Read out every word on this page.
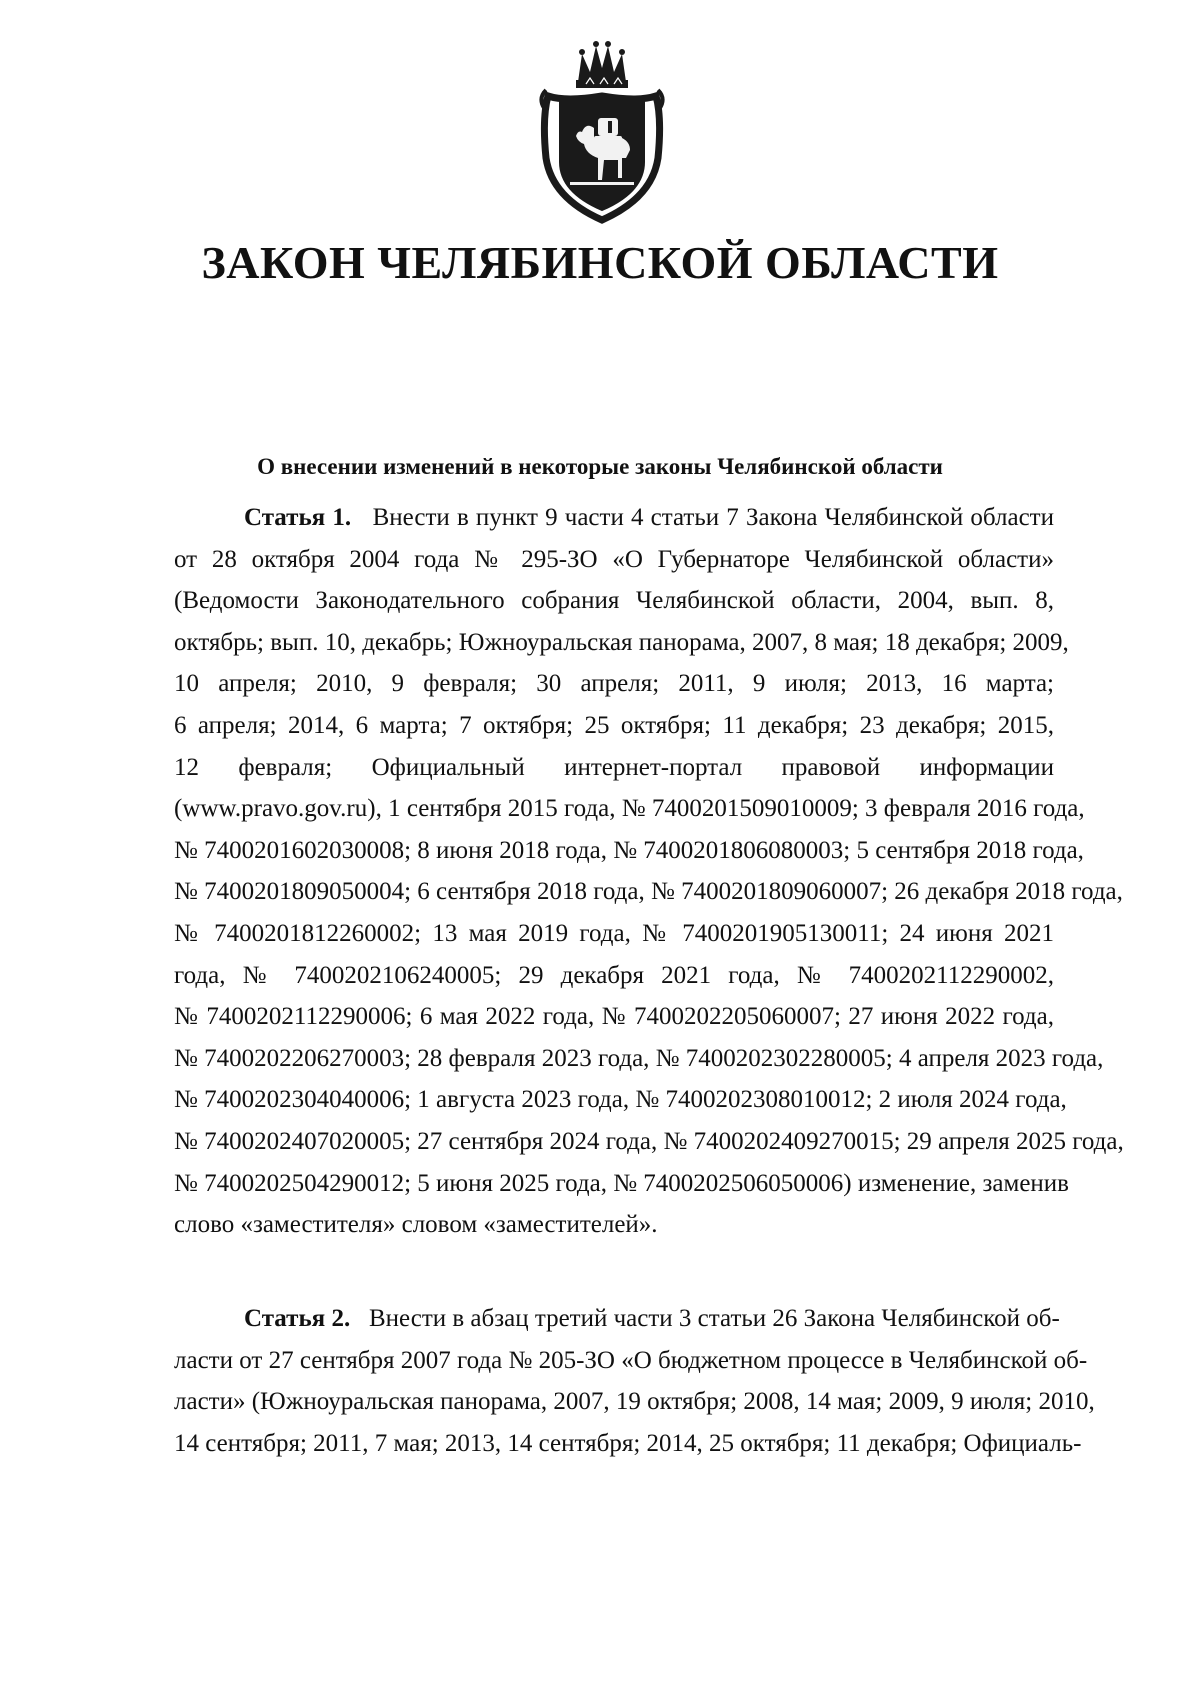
ЗАКОН ЧЕЛЯБИНСКОЙ ОБЛАСТИ
О внесении изменений в некоторые законы Челябинской области
Статья 1. Внести в пункт 9 части 4 статьи 7 Закона Челябинской области
от 28 октября 2004 года № 295-ЗО «О Губернаторе Челябинской области»
(Ведомости Законодательного собрания Челябинской области, 2004, вып. 8,
октябрь; вып. 10, декабрь; Южноуральская панорама, 2007, 8 мая; 18 декабря; 2009,
10 апреля; 2010, 9 февраля; 30 апреля; 2011, 9 июля; 2013, 16 марта;
6 апреля; 2014, 6 марта; 7 октября; 25 октября; 11 декабря; 23 декабря; 2015,
12 февраля; Официальный интернет-портал правовой информации
(www.pravo.gov.ru), 1 сентября 2015 года, № 7400201509010009; 3 февраля 2016 года,
№ 7400201602030008; 8 июня 2018 года, № 7400201806080003; 5 сентября 2018 года,
№ 7400201809050004; 6 сентября 2018 года, № 7400201809060007; 26 декабря 2018 года,
№ 7400201812260002; 13 мая 2019 года, № 7400201905130011; 24 июня 2021
года, № 7400202106240005; 29 декабря 2021 года, № 7400202112290002,
№ 7400202112290006; 6 мая 2022 года, № 7400202205060007; 27 июня 2022 года,
№ 7400202206270003; 28 февраля 2023 года, № 7400202302280005; 4 апреля 2023 года,
№ 7400202304040006; 1 августа 2023 года, № 7400202308010012; 2 июля 2024 года,
№ 7400202407020005; 27 сентября 2024 года, № 7400202409270015; 29 апреля 2025 года,
№ 7400202504290012; 5 июня 2025 года, № 7400202506050006) изменение, заменив
слово «заместителя» словом «заместителей».
Статья 2. Внести в абзац третий части 3 статьи 26 Закона Челябинской об-
ласти от 27 сентября 2007 года № 205-ЗО «О бюджетном процессе в Челябинской об-
ласти» (Южноуральская панорама, 2007, 19 октября; 2008, 14 мая; 2009, 9 июля; 2010,
14 сентября; 2011, 7 мая; 2013, 14 сентября; 2014, 25 октября; 11 декабря; Официаль-
